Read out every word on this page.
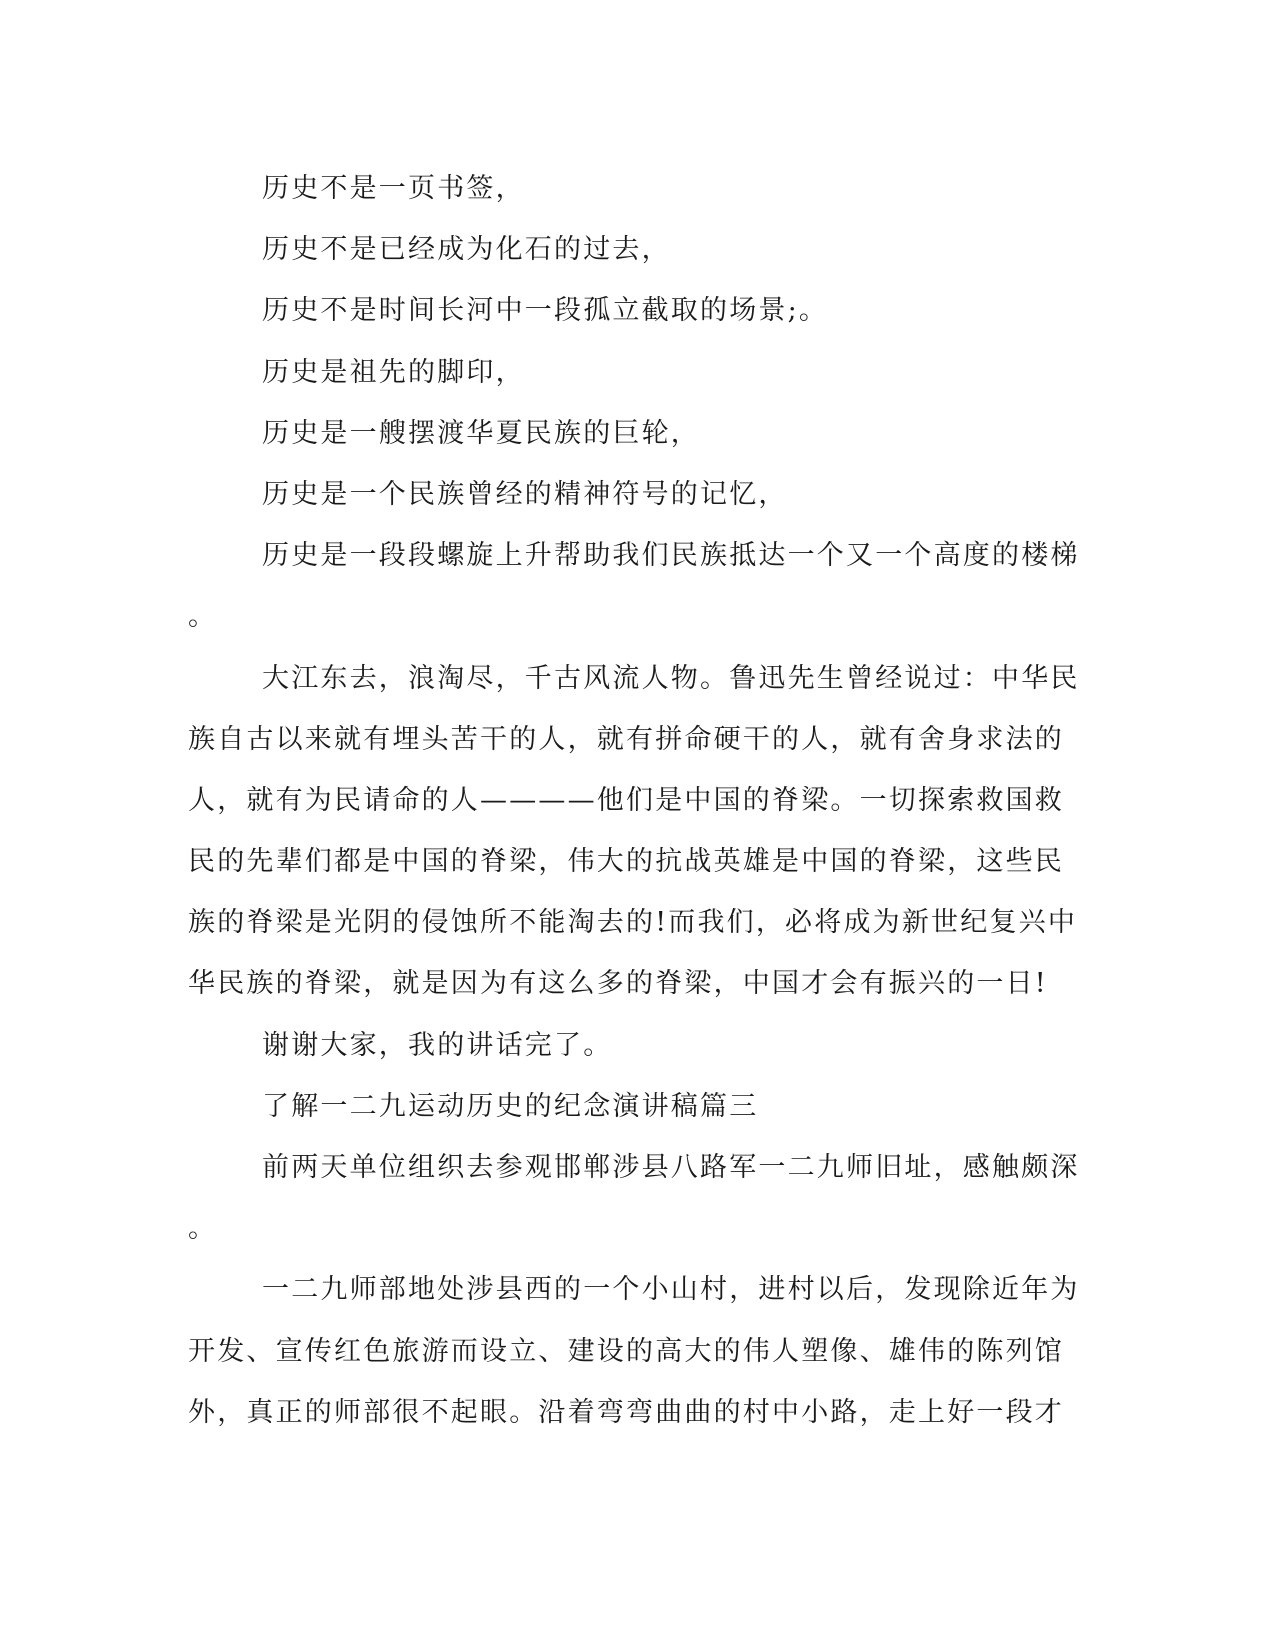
历史不是一页书签，
历史不是已经成为化石的过去，
历史不是时间长河中一段孤立截取的场景;。
历史是祖先的脚印，
历史是一艘摆渡华夏民族的巨轮，
历史是一个民族曾经的精神符号的记忆，
历史是一段段螺旋上升帮助我们民族抵达一个又一个高度的楼梯
。
大江东去，浪淘尽，千古风流人物。鲁迅先生曾经说过：中华民
族自古以来就有埋头苦干的人，就有拼命硬干的人，就有舍身求法的
人，就有为民请命的人————他们是中国的脊梁。一切探索救国救
民的先辈们都是中国的脊梁，伟大的抗战英雄是中国的脊梁，这些民
族的脊梁是光阴的侵蚀所不能淘去的!而我们，必将成为新世纪复兴中
华民族的脊梁，就是因为有这么多的脊梁，中国才会有振兴的一日!
谢谢大家，我的讲话完了。
了解一二九运动历史的纪念演讲稿篇三
前两天单位组织去参观邯郸涉县八路军一二九师旧址，感触颇深
。
一二九师部地处涉县西的一个小山村，进村以后，发现除近年为
开发、宣传红色旅游而设立、建设的高大的伟人塑像、雄伟的陈列馆
外，真正的师部很不起眼。沿着弯弯曲曲的村中小路，走上好一段才
